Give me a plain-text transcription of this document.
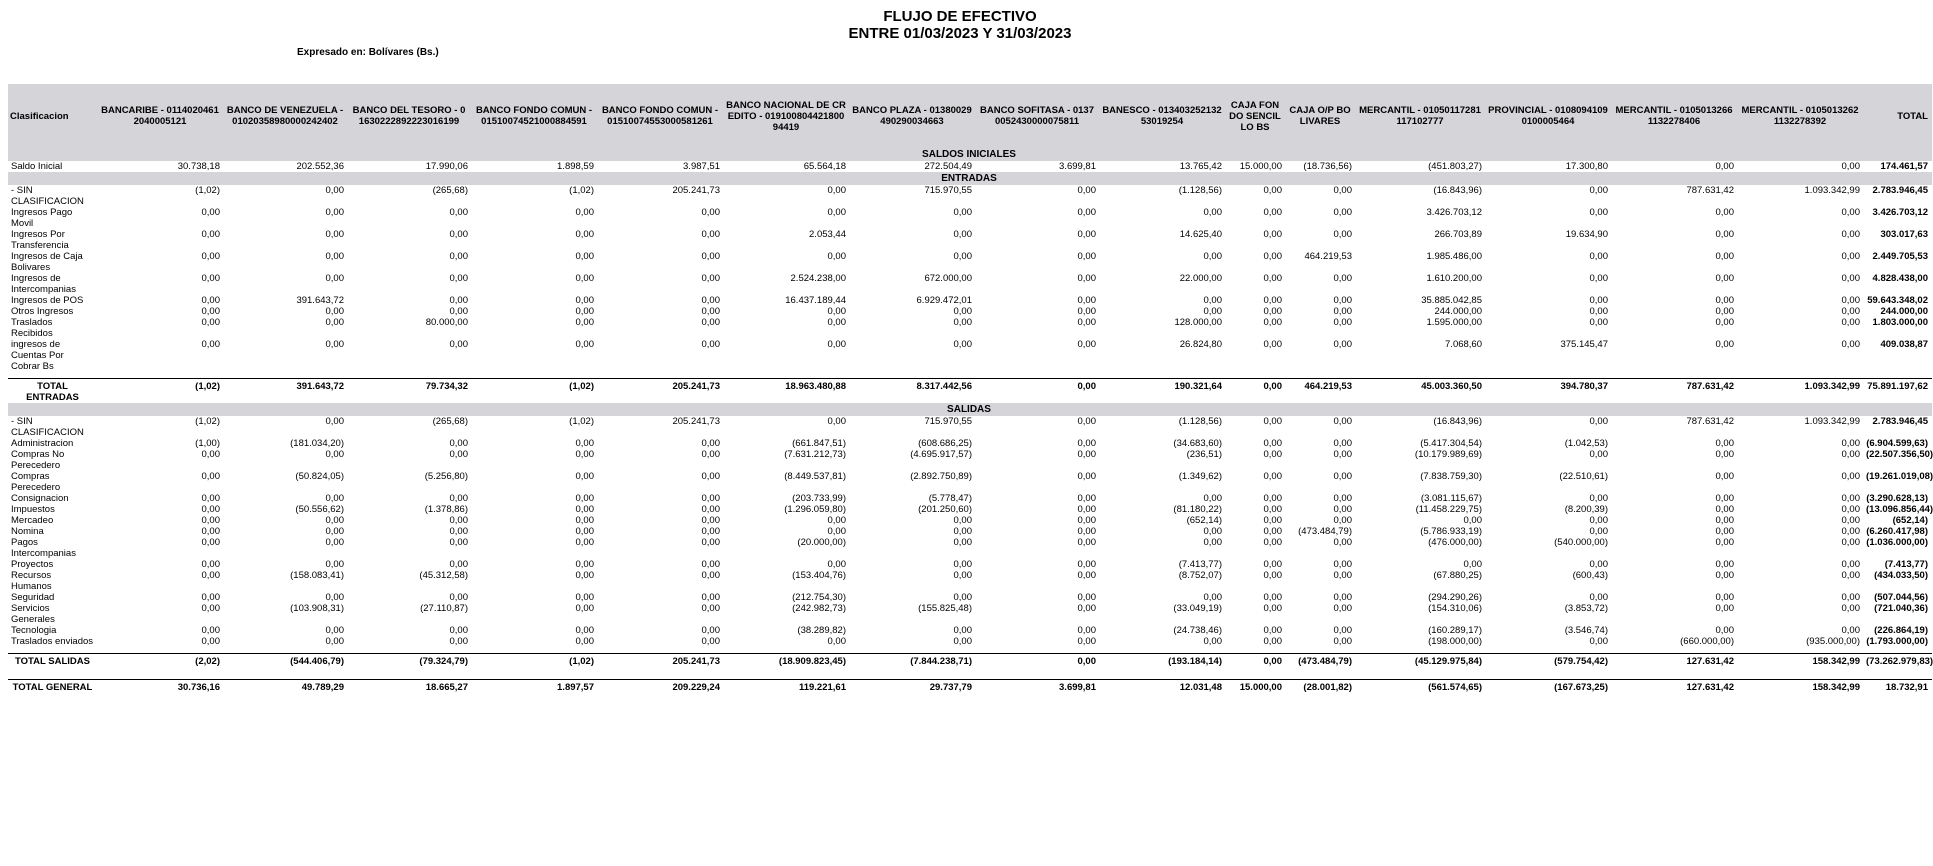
FLUJO DE EFECTIVO
ENTRE 01/03/2023 Y 31/03/2023
Expresado en: Bolívares (Bs.)
Clasificacion	BANCARIBE - 01140204612040005121	BANCO DE VENEZUELA - 01020358980000242402	BANCO DEL TESORO - 01630222892223016199	BANCO FONDO COMUN - 01510074521000884591	BANCO FONDO COMUN - 01510074553000581261	BANCO NACIONAL DE CREDITO - 01910080442180094419	BANCO PLAZA - 01380029490290034663	BANCO SOFITASA - 01370052430000075811	BANESCO - 01340325213253019254	CAJA FONDO SENCILLO BS	CAJA O/P BOLIVARES	MERCANTIL - 01050117281117102777	PROVINCIAL - 01080941090100005464	MERCANTIL - 01050132661132278406	MERCANTIL - 01050132621132278392	TOTAL
SALDOS INICIALES																
Saldo Inicial	30.738,18	202.552,36	17.990,06	1.898,59	3.987,51	65.564,18	272.504,49	3.699,81	13.765,42	15.000,00	(18.736,56)	(451.803,27)	17.300,80	0,00	0,00	174.461,57
ENTRADAS																
- SIN CLASIFICACION	(1,02)	0,00	(265,68)	(1,02)	205.241,73	0,00	715.970,55	0,00	(1.128,56)	0,00	0,00	(16.843,96)	0,00	787.631,42	1.093.342,99	2.783.946,45
Ingresos Pago Movil	0,00	0,00	0,00	0,00	0,00	0,00	0,00	0,00	0,00	0,00	0,00	3.426.703,12	0,00	0,00	0,00	3.426.703,12
Ingresos Por Transferencia	0,00	0,00	0,00	0,00	0,00	2.053,44	0,00	0,00	14.625,40	0,00	0,00	266.703,89	19.634,90	0,00	0,00	303.017,63
Ingresos de Caja Bolivares	0,00	0,00	0,00	0,00	0,00	0,00	0,00	0,00	0,00	0,00	464.219,53	1.985.486,00	0,00	0,00	0,00	2.449.705,53
Ingresos de Intercompanias	0,00	0,00	0,00	0,00	0,00	2.524.238,00	672.000,00	0,00	22.000,00	0,00	0,00	1.610.200,00	0,00	0,00	0,00	4.828.438,00
Ingresos de POS	0,00	391.643,72	0,00	0,00	0,00	16.437.189,44	6.929.472,01	0,00	0,00	0,00	0,00	35.885.042,85	0,00	0,00	0,00	59.643.348,02
Otros Ingresos	0,00	0,00	0,00	0,00	0,00	0,00	0,00	0,00	0,00	0,00	0,00	244.000,00	0,00	0,00	0,00	244.000,00
Traslados Recibidos	0,00	0,00	80.000,00	0,00	0,00	0,00	0,00	0,00	128.000,00	0,00	0,00	1.595.000,00	0,00	0,00	0,00	1.803.000,00
ingresos de Cuentas Por Cobrar Bs	0,00	0,00	0,00	0,00	0,00	0,00	0,00	0,00	26.824,80	0,00	0,00	7.068,60	375.145,47	0,00	0,00	409.038,87

TOTAL ENTRADAS	(1,02)	391.643,72	79.734,32	(1,02)	205.241,73	18.963.480,88	8.317.442,56	0,00	190.321,64	0,00	464.219,53	45.003.360,50	394.780,37	787.631,42	1.093.342,99	75.891.197,62
SALIDAS																
- SIN CLASIFICACION	(1,02)	0,00	(265,68)	(1,02)	205.241,73	0,00	715.970,55	0,00	(1.128,56)	0,00	0,00	(16.843,96)	0,00	787.631,42	1.093.342,99	2.783.946,45
Administracion	(1,00)	(181.034,20)	0,00	0,00	0,00	(661.847,51)	(608.686,25)	0,00	(34.683,60)	0,00	0,00	(5.417.304,54)	(1.042,53)	0,00	0,00	(6.904.599,63)
Compras No Perecedero	0,00	0,00	0,00	0,00	0,00	(7.631.212,73)	(4.695.917,57)	0,00	(236,51)	0,00	0,00	(10.179.989,69)	0,00	0,00	0,00	(22.507.356,50)
Compras Perecedero	0,00	(50.824,05)	(5.256,80)	0,00	0,00	(8.449.537,81)	(2.892.750,89)	0,00	(1.349,62)	0,00	0,00	(7.838.759,30)	(22.510,61)	0,00	0,00	(19.261.019,08)
Consignacion	0,00	0,00	0,00	0,00	0,00	(203.733,99)	(5.778,47)	0,00	0,00	0,00	0,00	(3.081.115,67)	0,00	0,00	0,00	(3.290.628,13)
Impuestos	0,00	(50.556,62)	(1.378,86)	0,00	0,00	(1.296.059,80)	(201.250,60)	0,00	(81.180,22)	0,00	0,00	(11.458.229,75)	(8.200,39)	0,00	0,00	(13.096.856,44)
Mercadeo	0,00	0,00	0,00	0,00	0,00	0,00	0,00	0,00	(652,14)	0,00	0,00	0,00	0,00	0,00	0,00	(652,14)
Nomina	0,00	0,00	0,00	0,00	0,00	0,00	0,00	0,00	0,00	0,00	(473.484,79)	(5.786.933,19)	0,00	0,00	0,00	(6.260.417,98)
Pagos Intercompanias	0,00	0,00	0,00	0,00	0,00	(20.000,00)	0,00	0,00	0,00	0,00	0,00	(476.000,00)	(540.000,00)	0,00	0,00	(1.036.000,00)
Proyectos	0,00	0,00	0,00	0,00	0,00	0,00	0,00	0,00	(7.413,77)	0,00	0,00	0,00	0,00	0,00	0,00	(7.413,77)
Recursos Humanos	0,00	(158.083,41)	(45.312,58)	0,00	0,00	(153.404,76)	0,00	0,00	(8.752,07)	0,00	0,00	(67.880,25)	(600,43)	0,00	0,00	(434.033,50)
Seguridad	0,00	0,00	0,00	0,00	0,00	(212.754,30)	0,00	0,00	0,00	0,00	0,00	(294.290,26)	0,00	0,00	0,00	(507.044,56)
Servicios Generales	0,00	(103.908,31)	(27.110,87)	0,00	0,00	(242.982,73)	(155.825,48)	0,00	(33.049,19)	0,00	0,00	(154.310,06)	(3.853,72)	0,00	0,00	(721.040,36)
Tecnologia	0,00	0,00	0,00	0,00	0,00	(38.289,82)	0,00	0,00	(24.738,46)	0,00	0,00	(160.289,17)	(3.546,74)	0,00	0,00	(226.864,19)
Traslados enviados	0,00	0,00	0,00	0,00	0,00	0,00	0,00	0,00	0,00	0,00	0,00	(198.000,00)	0,00	(660.000,00)	(935.000,00)	(1.793.000,00)

TOTAL SALIDAS	(2,02)	(544.406,79)	(79.324,79)	(1,02)	205.241,73	(18.909.823,45)	(7.844.238,71)	0,00	(193.184,14)	0,00	(473.484,79)	(45.129.975,84)	(579.754,42)	127.631,42	158.342,99	(73.262.979,83)

TOTAL GENERAL	30.736,16	49.789,29	18.665,27	1.897,57	209.229,24	119.221,61	29.737,79	3.699,81	12.031,48	15.000,00	(28.001,82)	(561.574,65)	(167.673,25)	127.631,42	158.342,99	18.732,91
